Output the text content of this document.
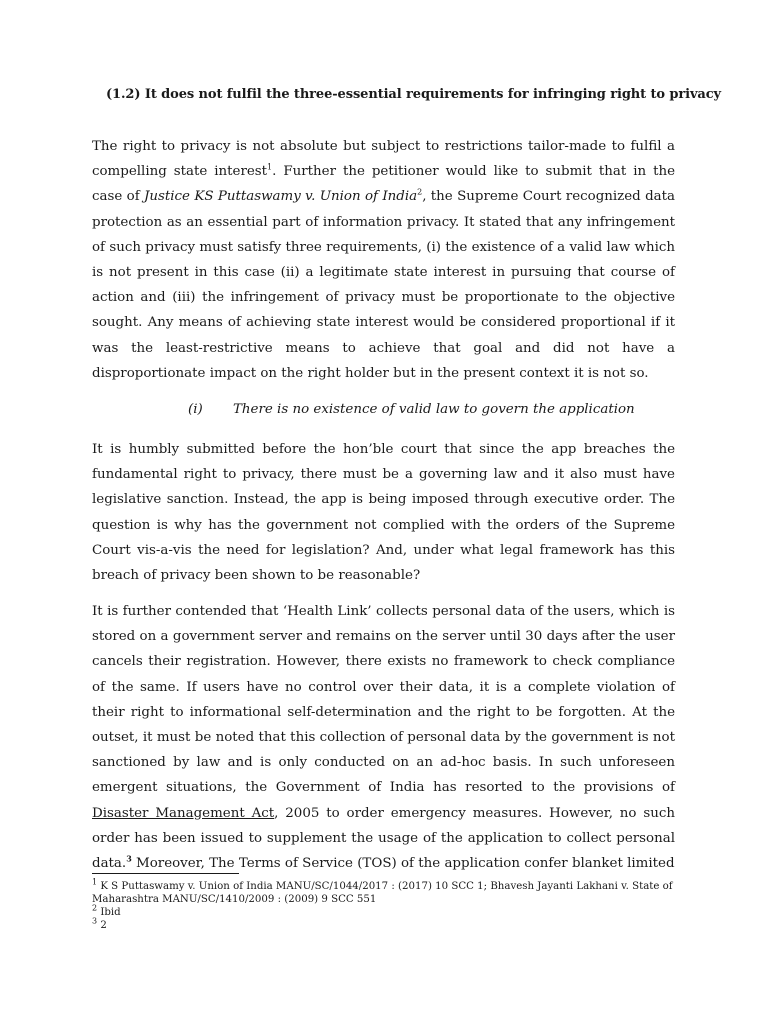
(1.2) It does not fulfil the three-essential requirements for infringing right to privacy

The right to privacy is not absolute but subject to restrictions tailor-made to fulfil a compelling state interest$^1$. Further the petitioner would like to submit that in the case of Justice KS Puttaswamy v. Union of India$^2$, the Supreme Court recognized data protection as an essential part of information privacy. It stated that any infringement of such privacy must satisfy three requirements, (i) the existence of a valid law which is not present in this case (ii) a legitimate state interest in pursuing that course of action and (iii) the infringement of privacy must be proportionate to the objective sought. Any means of achieving state interest would be considered proportional if it was the least-restrictive means to achieve that goal and did not have a disproportionate impact on the right holder but in the present context it is not so.

(i) There is no existence of valid law to govern the application

It is humbly submitted before the hon’ble court that since the app breaches the fundamental right to privacy, there must be a governing law and it also must have legislative sanction. Instead, the app is being imposed through executive order. The question is why has the government not complied with the orders of the Supreme Court vis-a-vis the need for legislation? And, under what legal framework has this breach of privacy been shown to be reasonable?

It is further contended that ‘Health Link’ collects personal data of the users, which is stored on a government server and remains on the server until 30 days after the user cancels their registration. However, there exists no framework to check compliance of the same. If users have no control over their data, it is a complete violation of their right to informational self-determination and the right to be forgotten. At the outset, it must be noted that this collection of personal data by the government is not sanctioned by law and is only conducted on an ad-hoc basis. In such unforeseen emergent situations, the Government of India has resorted to the provisions of Disaster Management Act, 2005 to order emergency measures. However, no such order has been issued to supplement the usage of the application to collect personal data.$^3$ Moreover, The Terms of Service (TOS) of the application confer blanket limited

$^1$ K S Puttaswamy v. Union of India MANU/SC/1044/2017 : (2017) 10 SCC 1; Bhavesh Jayanti Lakhani v. State of Maharashtra MANU/SC/1410/2009 : (2009) 9 SCC 551

$^2$ Ibid

$^3$ 2
